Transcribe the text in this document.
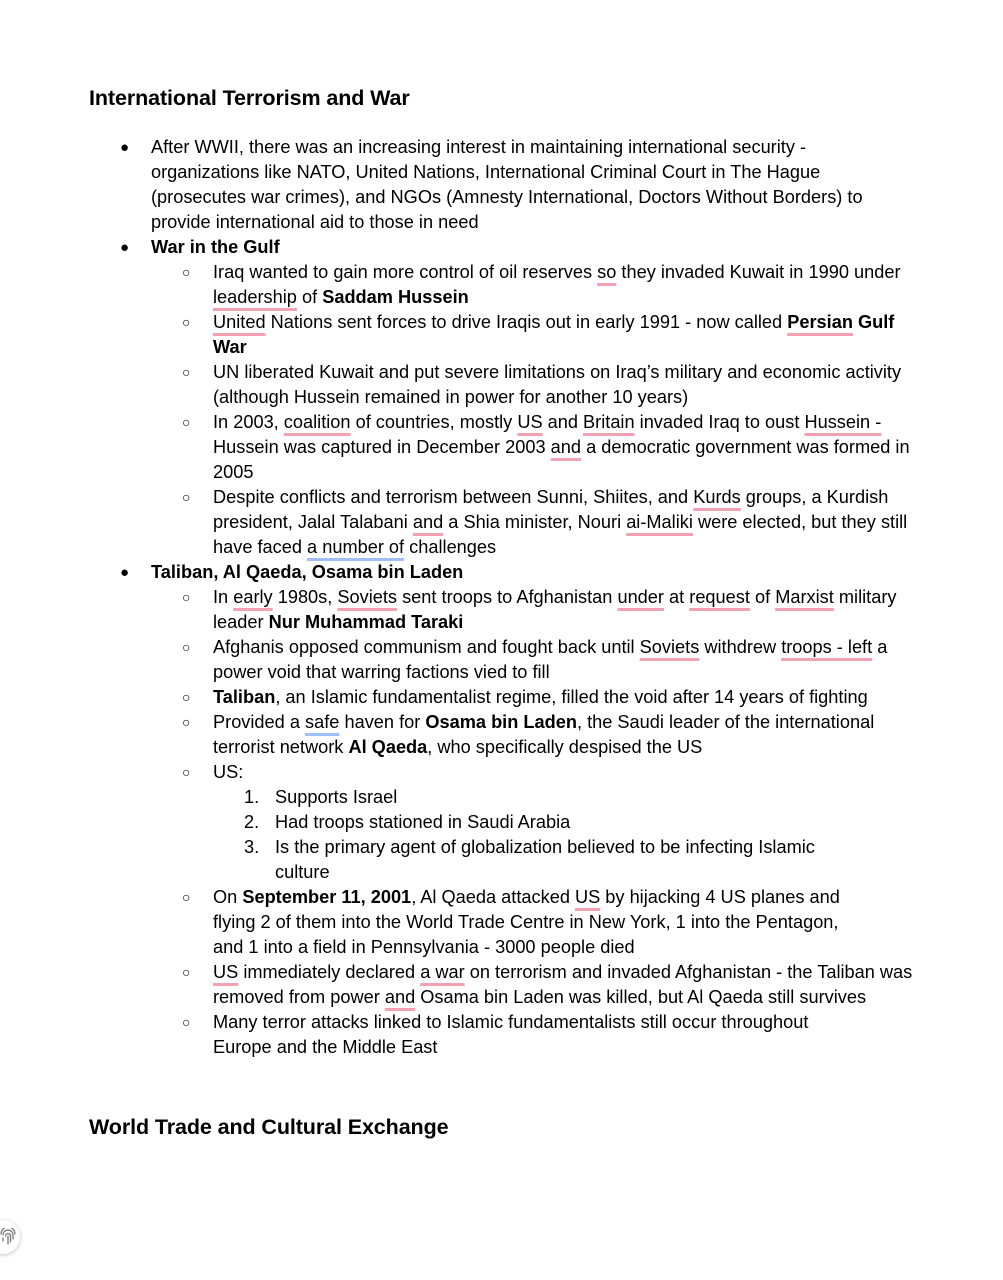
International Terrorism and War
● After WWII, there was an increasing interest in maintaining international security - organizations like NATO, United Nations, International Criminal Court in The Hague (prosecutes war crimes), and NGOs (Amnesty International, Doctors Without Borders) to provide international aid to those in need
● War in the Gulf
○ Iraq wanted to gain more control of oil reserves so they invaded Kuwait in 1990 under leadership of Saddam Hussein
○ United Nations sent forces to drive Iraqis out in early 1991 - now called Persian Gulf War
○ UN liberated Kuwait and put severe limitations on Iraq’s military and economic activity (although Hussein remained in power for another 10 years)
○ In 2003, coalition of countries, mostly US and Britain invaded Iraq to oust Hussein - Hussein was captured in December 2003 and a democratic government was formed in 2005
○ Despite conflicts and terrorism between Sunni, Shiites, and Kurds groups, a Kurdish president, Jalal Talabani and a Shia minister, Nouri ai-Maliki were elected, but they still have faced a number of challenges
● Taliban, Al Qaeda, Osama bin Laden
○ In early 1980s, Soviets sent troops to Afghanistan under at request of Marxist military leader Nur Muhammad Taraki
○ Afghanis opposed communism and fought back until Soviets withdrew troops - left a power void that warring factions vied to fill
○ Taliban, an Islamic fundamentalist regime, filled the void after 14 years of fighting
○ Provided a safe haven for Osama bin Laden, the Saudi leader of the international terrorist network Al Qaeda, who specifically despised the US
○ US:
1. Supports Israel
2. Had troops stationed in Saudi Arabia
3. Is the primary agent of globalization believed to be infecting Islamic culture
○ On September 11, 2001, Al Qaeda attacked US by hijacking 4 US planes and flying 2 of them into the World Trade Centre in New York, 1 into the Pentagon, and 1 into a field in Pennsylvania - 3000 people died
○ US immediately declared a war on terrorism and invaded Afghanistan - the Taliban was removed from power and Osama bin Laden was killed, but Al Qaeda still survives
○ Many terror attacks linked to Islamic fundamentalists still occur throughout Europe and the Middle East
World Trade and Cultural Exchange
